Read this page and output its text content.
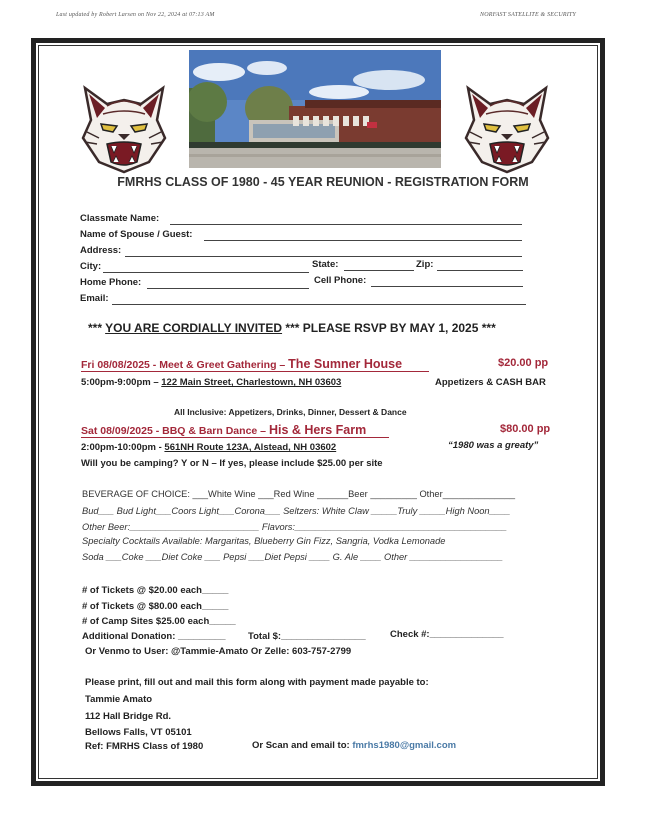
Last updated by Robert Larsen on Nov 22, 2024 at 07:13 AM	NORFAST SATELLITE & SECURITY
FMRHS CLASS OF 1980 - 45 YEAR REUNION - REGISTRATION FORM
Classmate Name:
Name of Spouse / Guest:
Address:
City:	State:	Zip:
Home Phone:	Cell Phone:
Email:
*** YOU ARE CORDIALLY INVITED *** PLEASE RSVP BY MAY 1, 2025 ***
Fri 08/08/2025 - Meet & Greet Gathering – The Sumner House	$20.00 pp
5:00pm-9:00pm – 122 Main Street, Charlestown, NH 03603	Appetizers & CASH BAR
All Inclusive: Appetizers, Drinks, Dinner, Dessert & Dance
Sat 08/09/2025 - BBQ & Barn Dance – His & Hers Farm	$80.00 pp
2:00pm-10:00pm - 561NH Route 123A, Alstead, NH 03602	“1980 was a greaty”
Will you be camping? Y or N – If yes, please include $25.00 per site
BEVERAGE OF CHOICE: ___White Wine ___Red Wine ______Beer _________ Other______________
Bud___ Bud Light___Coors Light___Corona___ Seltzers: White Claw _____Truly _____High Noon____
Other Beer:_________________________ Flavors:_________________________________________
Specialty Cocktails Available: Margaritas, Blueberry Gin Fizz, Sangria, Vodka Lemonade
Soda ___Coke ___Diet Coke ___ Pepsi ___Diet Pepsi ____ G. Ale ____ Other __________________
# of Tickets @ $20.00 each_____
# of Tickets @ $80.00 each_____
# of Camp Sites $25.00 each_____
Additional Donation: _________ Total $:________________	Check #:______________
Or Venmo to User: @Tammie-Amato Or Zelle: 603-757-2799
Please print, fill out and mail this form along with payment made payable to:
Tammie Amato
112 Hall Bridge Rd.
Bellows Falls, VT 05101
Ref: FMRHS Class of 1980	Or Scan and email to: fmrhs1980@gmail.com
